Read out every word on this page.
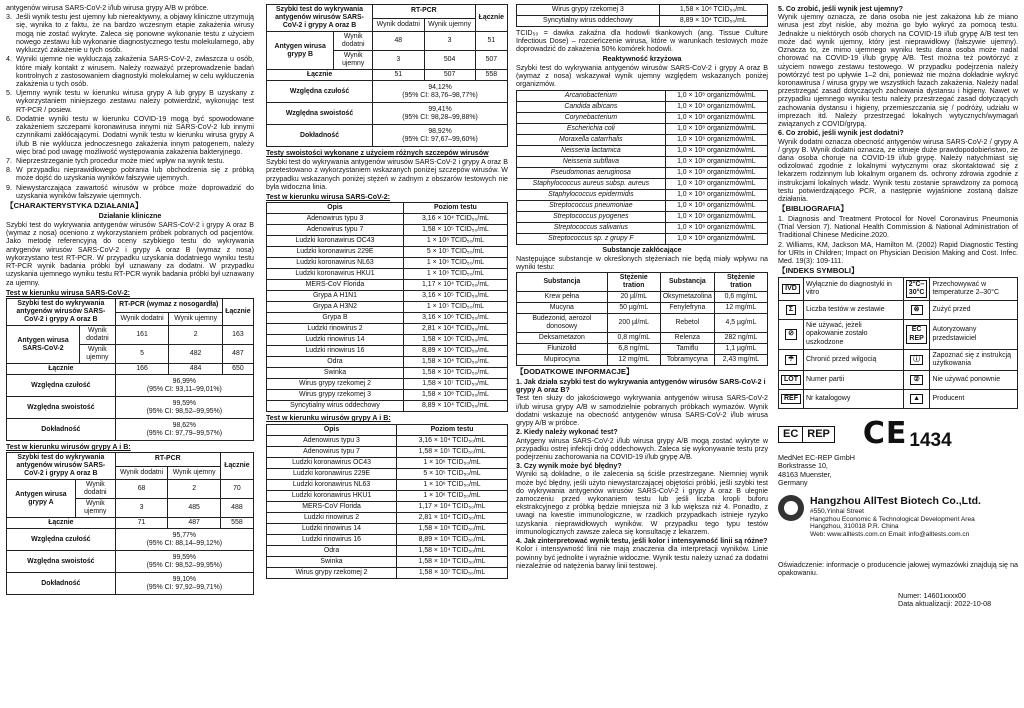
antygenów wirusa SARS-CoV-2 i/lub wirusa grypy A/B w próbce.

3. Jeśli wynik testu jest ujemny lub niereaktywny, a objawy kliniczne utrzymują się, wynika to z faktu, że na bardzo wczesnym etapie zakażenia wirusy mogą nie zostać wykryte. Zaleca się ponowne wykonanie testu z użyciem nowego zestawu lub wykonanie diagnostycznego testu molekularnego, aby wykluczyć zakażenie u tych osób.
4. Wyniki ujemne nie wykluczają zakażenia SARS-CoV-2, zwłaszcza u osób, które miały kontakt z wirusem. Należy rozważyć przeprowadzenie badań kontrolnych z zastosowaniem diagnostyki molekularnej w celu wykluczenia zakażenia u tych osób.
5. Ujemny wynik testu w kierunku wirusa grypy A lub grypy B uzyskany z wykorzystaniem niniejszego zestawu należy potwierdzić, wykonując test RT-PCR / posiew.
6. Dodatnie wyniki testu w kierunku COVID-19 mogą być spowodowane zakażeniem szczepami koronawirusa innymi niż SARS-CoV-2 lub innymi czynnikami zakłócającymi. Dodatni wynik testu w kierunku wirusa grypy A i/lub B nie wyklucza jednoczesnego zakażenia innym patogenem, należy więc brać pod uwagę możliwość występowania zakażenia bakteryjnego.
7. Nieprzestrzeganie tych procedur może mieć wpływ na wynik testu.
8. W przypadku nieprawidłowego pobrania lub obchodzenia się z próbką może dojść do uzyskania wyników fałszywie ujemnych.
9. Niewystarczająca zawartość wirusów w próbce może doprowadzić do uzyskania wyników fałszywie ujemnych.
【CHARAKTERYSTYKA DZIAŁANIA】
Działanie kliniczne

Szybki test do wykrywania antygenów wirusów SARS-CoV-2 i grypy A oraz B (wymaz z nosa) oceniono z wykorzystaniem próbek pobranych od pacjentów. Jako metodę referencyjną do oceny szybkiego testu do wykrywania antygenów wirusów SARS-CoV-2 i grypy A oraz B (wymaz z nosa) wykorzystano test RT-PCR. W przypadku uzyskania dodatniego wyniku testu RT-PCR wynik badania próbki był uznawany za dodatni. W przypadku uzyskania ujemnego wyniku testu RT-PCR wynik badania próbki był uznawany za ujemny.

Test w kierunku wirusa SARS-CoV-2:
Szybki test do wykrywania antygenów wirusów SARS-CoV-2 i grypy A oraz B		RT-PCR (wymaz z nosogardła)		Łącznie
		Wynik dodatni	Wynik ujemny	
Antygen wirusa SARS-CoV-2	Wynik dodatni	161	2	163
	Wynik ujemny	5	482	487
Łącznie		166	484	650
Względna czułość		96,99%
(95% CI: 93,11–99,01%)		

Względna swoistość		99,59%
(95% CI: 98,52–99,95%)		

Dokładność		98,62%
(95% CI: 97,79–99,57%)		
Test w kierunku wirusów grypy A i B:
Szybki test do wykrywania antygenów wirusów SARS-CoV-2 i grypy A oraz B		RT-PCR		Łącznie
		Wynik dodatni	Wynik ujemny	
Antygen wirusa grypy A	Wynik dodatni	68	2	70
	Wynik ujemny	3	485	488
Łącznie		71	487	558
Względna czułość		95,77%
(95% CI: 88,14–99,12%)		

Względna swoistość		99,59%
(95% CI: 98,52–99,95%)		

Dokładność		99,10%
(95% CI: 97,92–99,71%)		
Szybki test do wykrywania antygenów wirusów SARS-CoV-2 i grypy A oraz B		RT-PCR		Łącznie
		Wynik dodatni	Wynik ujemny	
Antygen wirusa grypy B	Wynik dodatni	48	3	51
	Wynik ujemny	3	504	507
Łącznie		51	507	558
Względna czułość		94,12%
(95% CI: 83,76–98,77%)		

Względna swoistość		99,41%
(95% CI: 98,28–99,88%)		

Dokładność		98,92%
(95% CI: 97,67–99,60%)		
Testy swoistości wykonane z użyciem różnych szczepów wirusów

Szybki test do wykrywania antygenów wirusów SARS-CoV-2 i grypy A oraz B przetestowano z wykorzystaniem wskazanych poniżej szczepów wirusów. W przypadku wskazanych poniżej stężeń w żadnym z obszarów testowych nie była widoczna linia.

Test w kierunku wirusa SARS-CoV-2:
Opis	Poziom testu
Adenowirus typu 3	3,16 × 10⁴ TCID₅₀/mL
Adenowirus typu 7	1,58 × 10⁵ TCID₅₀/mL
Ludzki koronawirus OC43	1 × 10⁶ TCID₅₀/mL
Ludzki koronawirus 229E	5 × 10⁵ TCID₅₀/mL
Ludzki koronawirus NL63	1 × 10⁶ TCID₅₀/mL
Ludzki koronawirus HKU1	1 × 10⁶ TCID₅₀/mL
MERS-CoV Florida	1,17 × 10⁴ TCID₅₀/mL
Grypa A H1N1	3,16 × 10⁵ TCID₅₀/mL
Grypa A H3N2	1 × 10⁵ TCID₅₀/mL
Grypa B	3,16 × 10⁶ TCID₅₀/mL
Ludzki rinowirus 2	2,81 × 10⁴ TCID₅₀/mL
Ludzki rinowirus 14	1,58 × 10⁶ TCID₅₀/mL
Ludzki rinowirus 16	8,89 × 10⁶ TCID₅₀/mL
Odra	1,58 × 10⁴ TCID₅₀/mL
Świnka	1,58 × 10⁴ TCID₅₀/mL
Wirus grypy rzekomej 2	1,58 × 10⁷ TCID₅₀/mL
Wirus grypy rzekomej 3	1,58 × 10⁸ TCID₅₀/mL
Syncytialny wirus oddechowy	8,89 × 10⁴ TCID₅₀/mL
Test w kierunku wirusów grypy A i B:
Opis	Poziom testu
Adenowirus typu 3	3,16 × 10⁴ TCID₅₀/mL
Adenowirus typu 7	1,58 × 10⁵ TCID₅₀/mL
Ludzki koronawirus OC43	1 × 10⁶ TCID₅₀/mL
Ludzki koronawirus 229E	5 × 10⁵ TCID₅₀/mL
Ludzki koronawirus NL63	1 × 10⁶ TCID₅₀/mL
Ludzki koronawirus HKU1	1 × 10⁶ TCID₅₀/mL
MERS-CoV Florida	1,17 × 10⁴ TCID₅₀/mL
Ludzki rinowirus 2	2,81 × 10⁴ TCID₅₀/mL
Ludzki rinowirus 14	1,58 × 10⁶ TCID₅₀/mL
Ludzki rinowirus 16	8,89 × 10⁶ TCID₅₀/mL
Odra	1,58 × 10⁴ TCID₅₀/mL
Świnka	1,58 × 10⁴ TCID₅₀/mL
Wirus grypy rzekomej 2	1,58 × 10⁷ TCID₅₀/mL
Wirus grypy rzekomej 3	1,58 × 10⁸ TCID₅₀/mL
Syncytialny wirus oddechowy	8,89 × 10⁴ TCID₅₀/mL

TCID₅₀ = dawka zakaźna dla hodowli tkankowych (ang. Tissue Culture Infectious Dose) – rozcieńczenie wirusa, które w warunkach testowych może doprowadzić do zakażenia 50% komórek hodowli.

Reaktywność krzyżowa

Szybki test do wykrywania antygenów wirusów SARS-CoV-2 i grypy A oraz B (wymaz z nosa) wskazywał wynik ujemny względem wskazanych poniżej organizmów.

Arcanobacterium	1,0 × 10⁸ organizmów/mL
Candida albicans	1,0 × 10⁸ organizmów/mL
Corynebacterium	1,0 × 10⁸ organizmów/mL
Escherichia coli	1,0 × 10⁸ organizmów/mL
Moraxella catarrhalis	1,0 × 10⁸ organizmów/mL
Neisseria lactamica	1,0 × 10⁸ organizmów/mL
Neisseria subflava	1,0 × 10⁸ organizmów/mL
Pseudomonas aeruginosa	1,0 × 10⁸ organizmów/mL
Staphylococcus aureus subsp. aureus	1,0 × 10⁸ organizmów/mL
Staphylococcus epidermidis	1,0 × 10⁸ organizmów/mL
Streptococcus pneumoniae	1,0 × 10⁸ organizmów/mL
Streptococcus pyogenes	1,0 × 10⁸ organizmów/mL
Streptococcus salivarius	1,0 × 10⁸ organizmów/mL
Streptococcus sp. z grupy F	1,0 × 10⁸ organizmów/mL
Substancje zakłócające

Następujące substancje w określonych stężeniach nie będą miały wpływu na wyniki testu:

Substancja	Stężenie tration	Substancja	Stężenie tration
Krew pełna	20 µl/mL	Oksymetazolina	0,6 mg/mL
Mucyna	50 µg/mL	Fenylefryna	12 mg/mL
Budezonid, aerozol donosowy	200 µl/mL	Rebetol	4,5 µg/mL
Deksametazon	0,8 mg/mL	Relenza	282 ng/mL
Flunizolid	6,8 ng/mL	Tamiflu	1,1 µg/mL
Mupirocyna	12 mg/mL	Tobramycyna	2,43 mg/mL
【DODATKOWE INFORMACJE】
1. Jak działa szybki test do wykrywania antygenów wirusów SARS-CoV-2 i grypy A oraz B?

Test ten służy do jakościowego wykrywania antygenów wirusa SARS-CoV-2 i/lub wirusa grypy A/B w samodzielnie pobranych próbkach wymazów. Wynik dodatni wskazuje na obecność antygenów wirusa SARS-CoV-2 i/lub wirusa grypy A/B w próbce.

2. Kiedy należy wykonać test?

Antygeny wirusa SARS-CoV-2 i/lub wirusa grypy A/B mogą zostać wykryte w przypadku ostrej infekcji dróg oddechowych. Zaleca się wykonywanie testu przy podejrzeniu zachorowania na COVID-19 i/lub grypę A/B.

3. Czy wynik może być błędny?

Wyniki są dokładne, o ile zalecenia są ściśle przestrzegane. Niemniej wynik może być błędny, jeśli użyto niewystarczającej objętości próbki, jeśli szybki test do wykrywania antygenów wirusów SARS-CoV-2 i grypy A oraz B ulegnie zamoczeniu przed wykonaniem testu lub jeśli liczba kropli buforu ekstrakcyjnego z próbką będzie mniejsza niż 3 lub większa niż 4. Ponadto, z uwagi na kwestie immunologiczne, w rzadkich przypadkach istnieje ryzyko uzyskania nieprawidłowych wyników. W przypadku tego typu testów immunologicznych zawsze zaleca się konsultację z lekarzem.

4. Jak zinterpretować wynik testu, jeśli kolor i intensywność linii są różne?

Kolor i intensywność linii nie mają znaczenia dla interpretacji wyników. Linie powinny być jednolite i wyraźnie widoczne. Wynik testu należy uznać za dodatni niezależnie od natężenia barwy linii testowej.

5. Co zrobić, jeśli wynik jest ujemny?

Wynik ujemny oznacza, że dana osoba nie jest zakażona lub że miano wirusa jest zbyt niskie, aby można go było wykryć za pomocą testu. Jednakże u niektórych osób chorych na COVID-19 i/lub grypę A/B test ten może dać wynik ujemny, który jest nieprawidłowy (fałszywie ujemny). Oznacza to, że mimo ujemnego wyniku testu dana osoba może nadal chorować na COVID-19 i/lub grypę A/B. Test można też powtórzyć z użyciem nowego zestawu testowego. W przypadku podejrzenia należy powtórzyć test po upływie 1–2 dni, ponieważ nie można dokładnie wykryć koronawirusa / wirusa grypy we wszystkich fazach zakażenia. Należy nadal przestrzegać zasad dotyczących zachowania dystansu i higieny. Nawet w przypadku ujemnego wyniku testu należy przestrzegać zasad dotyczących zachowania dystansu i higieny, przemieszczania się / podróży, udziału w imprezach itd. Należy przestrzegać lokalnych wytycznych/wymagań związanych z COVID/grypą.

6. Co zrobić, jeśli wynik jest dodatni?

Wynik dodatni oznacza obecność antygenów wirusa SARS-CoV-2 / grypy A / grypy B. Wynik dodatni oznacza, że istnieje duże prawdopodobieństwo, że dana osoba choruje na COVID-19 i/lub grypę. Należy natychmiast się odizolować zgodnie z lokalnymi wytycznymi oraz skontaktować się z lekarzem rodzinnym lub lokalnym organem ds. ochrony zdrowia zgodnie z instrukcjami lokalnych władz. Wynik testu zostanie sprawdzony za pomocą testu potwierdzającego PCR, a następnie wyjaśnione zostaną dalsze działania.

【BIBLIOGRAFIA】

1. Diagnosis and Treatment Protocol for Novel Coronavirus Pneumonia (Trial Version 7). National Health Commission & National Administration of Traditional Chinese Medicine.2020.

2. Williams, KM, Jackson MA, Hamilton M. (2002) Rapid Diagnostic Testing for URIs in Children; Impact on Physician Decision Making and Cost. Infec. Med. 19(3): 109-111.

【INDEKS SYMBOLI】
IVD	Wyłącznie do diagnostyki in vitro	2°C–30°C	Przechowywać w temperaturze 2–30°C
Σ	Liczba testów w zestawie	⊗	Zużyć przed
⊘	Nie używać, jeżeli opakowanie zostało uszkodzone	EC REP	Autoryzowany przedstawiciel
☂	Chronić przed wilgocią	ⓘ	Zapoznać się z instrukcją użytkowania
LOT	Numer partii	②	Nie używać ponownie
REF	Nr katalogowy	▲	Producent
EC REP CE 1434
MedNet EC-REP GmbH
Borkstrasse 10,
48163 Muenster,
Germany
Hangzhou AllTest Biotech Co.,Ltd.
#550,Yinhai Street
Hangzhou Economic & Technological Development Area
Hangzhou, 310018 P.R. China
Web: www.alltests.com.cn Email: info@alltests.com.cn

Oświadczenie: informacje o producencie jałowej wymazówki znajdują się na opakowaniu.

Numer: 14601xxxx00
Data aktualizacji: 2022-10-08
